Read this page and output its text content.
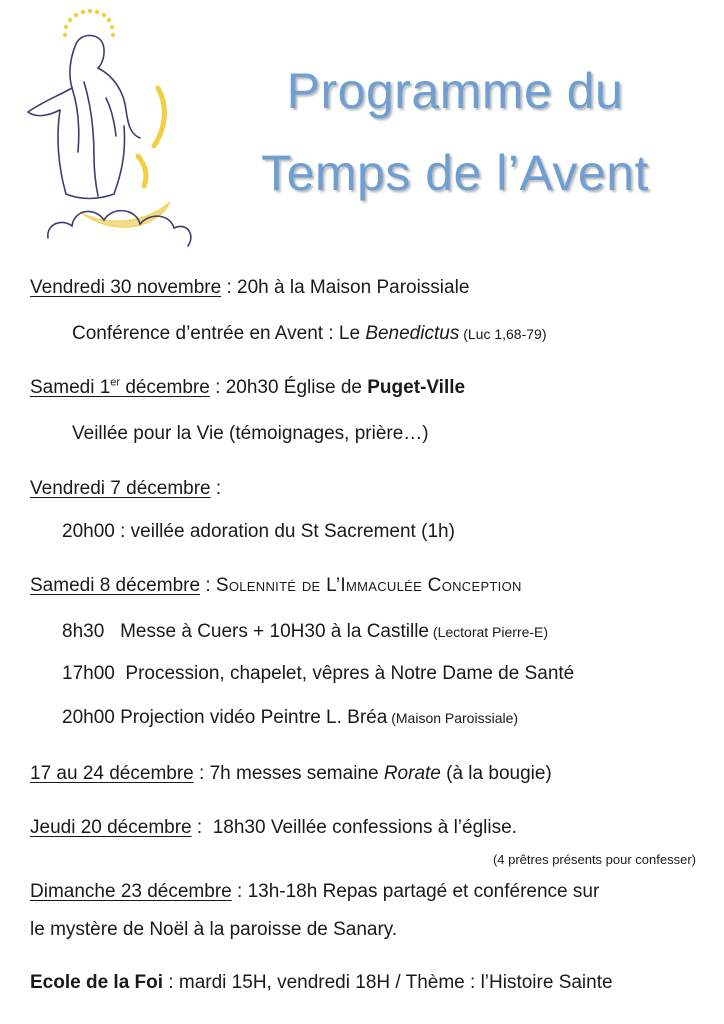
Programme du
Temps de l’Avent
Vendredi 30 novembre : 20h à la Maison Paroissiale
Conférence d’entrée en Avent : Le Benedictus (Luc 1,68-79)
Samedi 1er décembre : 20h30 Église de Puget-Ville
Veillée pour la Vie (témoignages, prière…)
Vendredi 7 décembre :
20h00 : veillée adoration du St Sacrement (1h)
Samedi 8 décembre : Solennité de L’Immaculée Conception
8h30   Messe à Cuers + 10H30 à la Castille (Lectorat Pierre-E)
17h00  Procession, chapelet, vêpres à Notre Dame de Santé
20h00 Projection vidéo Peintre L. Bréa (Maison Paroissiale)
17 au 24 décembre : 7h messes semaine Rorate (à la bougie)
Jeudi 20 décembre :  18h30 Veillée confessions à l’église.
(4 prêtres présents pour confesser)
Dimanche 23 décembre : 13h-18h Repas partagé et conférence sur
le mystère de Noël à la paroisse de Sanary.
Ecole de la Foi : mardi 15H, vendredi 18H / Thème : l’Histoire Sainte
